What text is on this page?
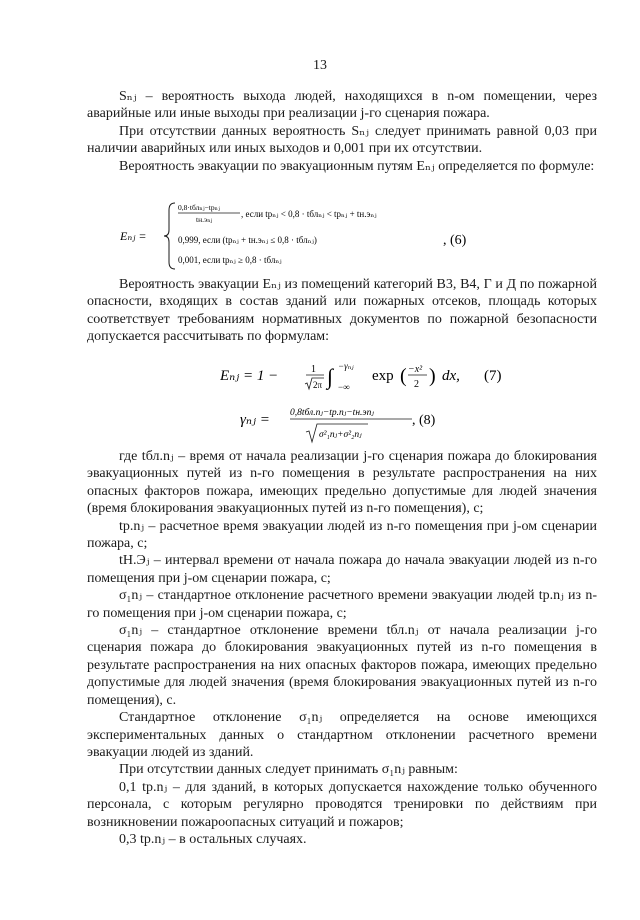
13

Sₙⱼ – вероятность выхода людей, находящихся в n-ом помещении, через аварийные или иные выходы при реализации j-го сценария пожара.

При отсутствии данных вероятность Sₙⱼ следует принимать равной 0,03 при наличии аварийных или иных выходов и 0,001 при их отсутствии.

Вероятность эвакуации по эвакуационным путям Eₙⱼ определяется по формуле:

Eₙⱼ =
0,8·tблₙⱼ−tрₙⱼ
tн.эₙⱼ
, если tрₙⱼ < 0,8 · tблₙⱼ < tрₙⱼ + tн.эₙⱼ
0,999, если (tрₙⱼ + tн.эₙⱼ ≤ 0,8 · tблₙⱼ)
0,001, если tрₙⱼ ≥ 0,8 · tблₙⱼ
, (6)

Вероятность эвакуации Eₙⱼ из помещений категорий В3, В4, Г и Д по пожарной опасности, входящих в состав зданий или пожарных отсеков, площадь которых соответствует требованиям нормативных документов по пожарной безопасности допускается рассчитывать по формулам:

Eₙⱼ = 1 −	1
2π ∫ −γₙⱼ
−∞
exp ( −x²
2 ) dx, (7)
γₙⱼ = 0,8tбл.nⱼ−tр.nⱼ−tн.эnⱼ
σ²₁nⱼ+σ²₂nⱼ
, (8)

где tбл.nⱼ – время от начала реализации j-го сценария пожара до блокирования эвакуационных путей из n-го помещения в результате распространения на них опасных факторов пожара, имеющих предельно допустимые для людей значения (время блокирования эвакуационных путей из n-го помещения), с;

tр.nⱼ – расчетное время эвакуации людей из n-го помещения при j-ом сценарии пожара, с;

tН.Эⱼ – интервал времени от начала пожара до начала эвакуации людей из n-го помещения при j-ом сценарии пожара, с;

σ₁nⱼ – стандартное отклонение расчетного времени эвакуации людей tр.nⱼ из n-го помещения при j-ом сценарии пожара, с;

σ₁nⱼ – стандартное отклонение времени tбл.nⱼ от начала реализации j-го сценария пожара до блокирования эвакуационных путей из n-го помещения в результате распространения на них опасных факторов пожара, имеющих предельно допустимые для людей значения (время блокирования эвакуационных путей из n-го помещения), с.

Стандартное отклонение σ₁nⱼ определяется на основе имеющихся экспериментальных данных о стандартном отклонении расчетного времени эвакуации людей из зданий.

При отсутствии данных следует принимать σ₁nⱼ равным:

0,1 tр.nⱼ – для зданий, в которых допускается нахождение только обученного персонала, с которым регулярно проводятся тренировки по действиям при возникновении пожароопасных ситуаций и пожаров;

0,3 tр.nⱼ – в остальных случаях.
